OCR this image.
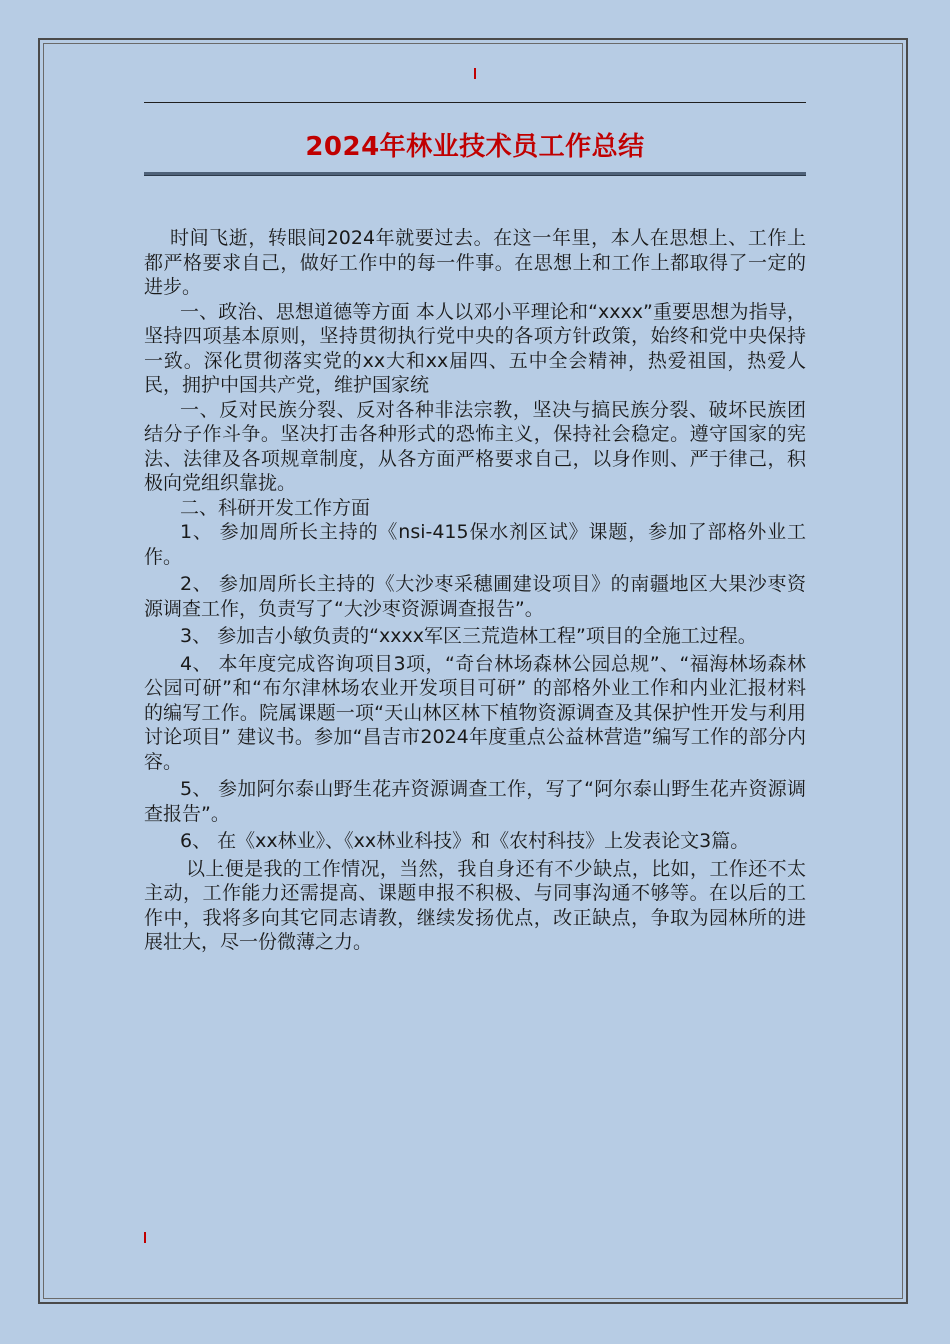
2024年林业技术员工作总结

时间飞逝，转眼间2024年就要过去。在这一年里，本人在思想上、工作上都严格要求自己，做好工作中的每一件事。在思想上和工作上都取得了一定的进步。

一、政治、思想道德等方面 本人以邓小平理论和“xxxx”重要思想为指导，坚持四项基本原则，坚持贯彻执行党中央的各项方针政策，始终和党中央保持一致。深化贯彻落实党的xx大和xx届四、五中全会精神，热爱祖国，热爱人民，拥护中国共产党，维护国家统

一、反对民族分裂、反对各种非法宗教，坚决与搞民族分裂、破坏民族团结分子作斗争。坚决打击各种形式的恐怖主义，保持社会稳定。遵守国家的宪法、法律及各项规章制度，从各方面严格要求自己，以身作则、严于律己，积极向党组织靠拢。

二、科研开发工作方面

1、 参加周所长主持的《nsi-415保水剂区试》课题，参加了部格外业工作。

2、 参加周所长主持的《大沙枣采穗圃建设项目》的南疆地区大果沙枣资源调查工作，负责写了“大沙枣资源调查报告”。

3、 参加吉小敏负责的“xxxx军区三荒造林工程”项目的全施工过程。

4、 本年度完成咨询项目3项，“奇台林场森林公园总规”、“福海林场森林公园可研”和“布尔津林场农业开发项目可研” 的部格外业工作和内业汇报材料的编写工作。院属课题一项“天山林区林下植物资源调查及其保护性开发与利用讨论项目” 建议书。参加“昌吉市2024年度重点公益林营造”编写工作的部分内容。

5、 参加阿尔泰山野生花卉资源调查工作，写了“阿尔泰山野生花卉资源调查报告”。

6、 在《xx林业》、《xx林业科技》和《农村科技》上发表论文3篇。

以上便是我的工作情况，当然，我自身还有不少缺点，比如，工作还不太主动，工作能力还需提高、课题申报不积极、与同事沟通不够等。在以后的工作中，我将多向其它同志请教，继续发扬优点，改正缺点，争取为园林所的进展壮大，尽一份微薄之力。
